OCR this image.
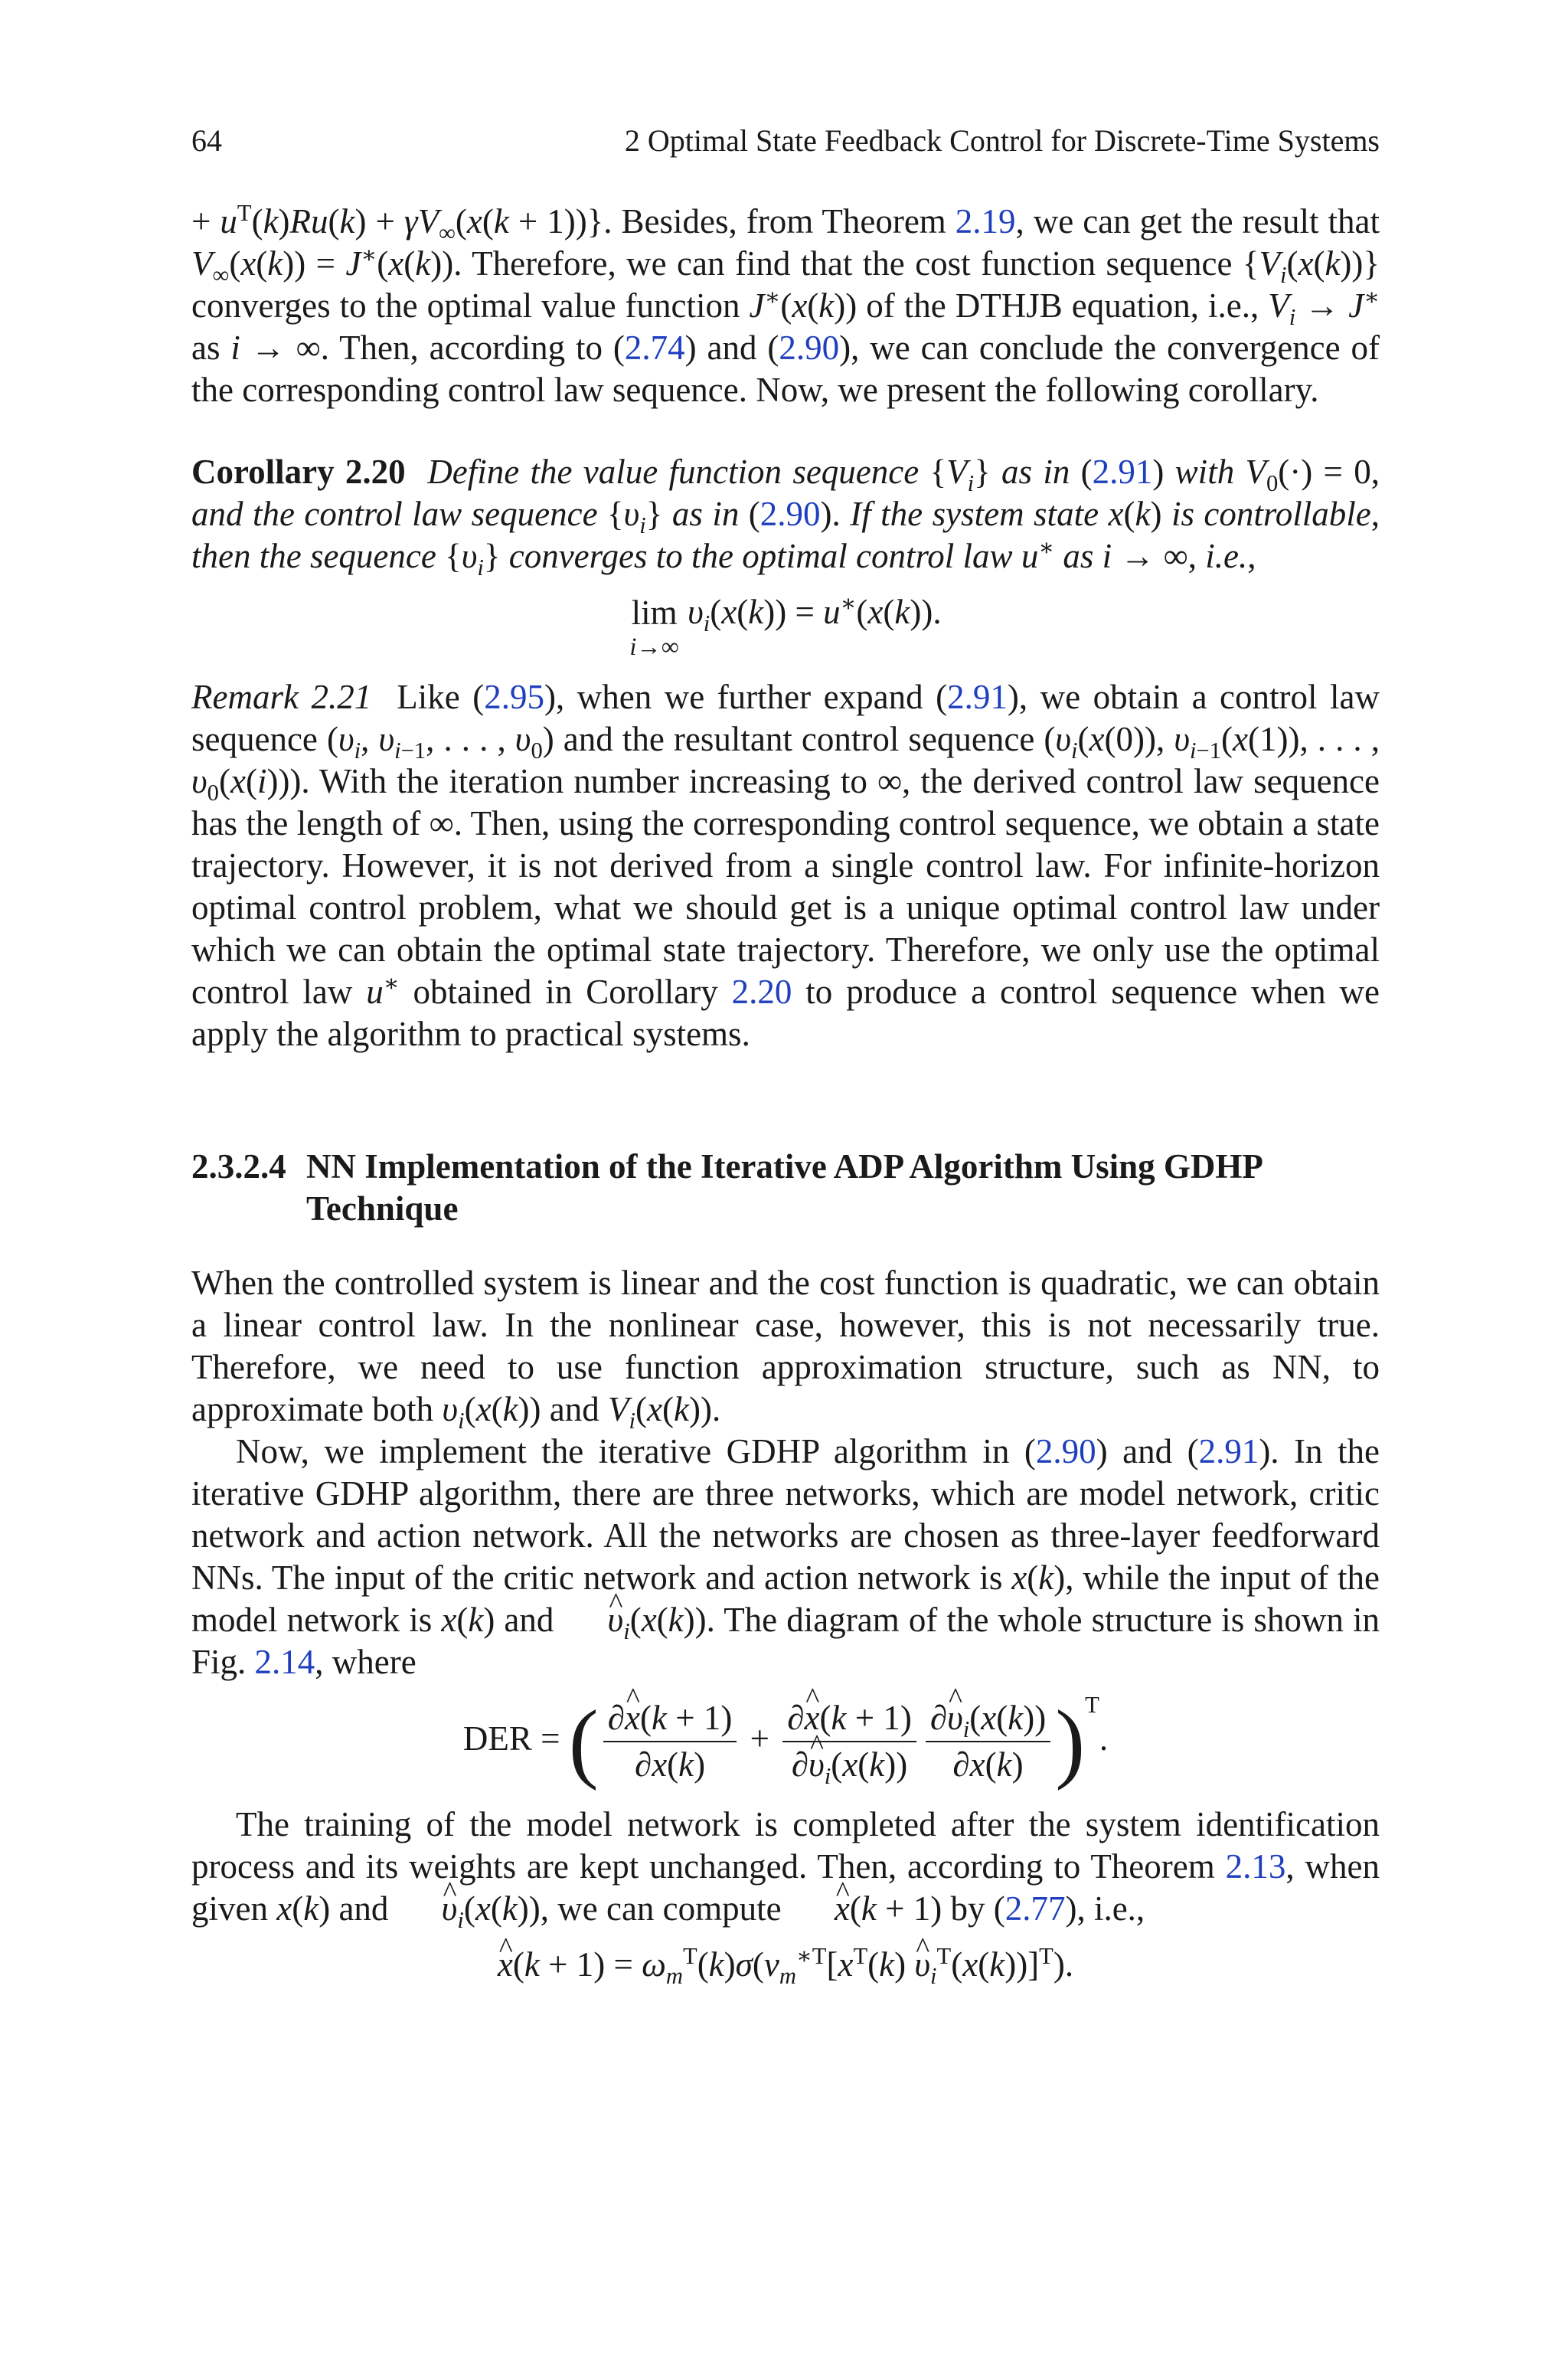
64	2 Optimal State Feedback Control for Discrete-Time Systems

+ $u^T(k)Ru(k) + \gamma V_\infty(x(k + 1))$}. Besides, from Theorem 2.19, we can get the result that $V_\infty(x(k)) = J^∗(x(k))$. Therefore, we can find that the cost function sequence $\{V_i(x(k))\}$ converges to the optimal value function J∗(x(k)) of the DTHJB equation, i.e., $V_i \to J^∗$ as i → ∞. Then, according to (2.74) and (2.90), we can conclude the convergence of the corresponding control law sequence. Now, we present the following corollary.

Corollary 2.20 Define the value function sequence $\{V_i\}$ as in (2.91) with $V_0(\cdot) = 0$, and the control law sequence $\{\upsilon_i\}$ as in (2.90). If the system state x(k) is controllable, then the sequence $\{\upsilon_i\}$ converges to the optimal control law u∗ as i → ∞, i.e.,

lim
i→∞
$\upsilon_i(x(k)) = u^∗(x(k))$.

Remark 2.21  Like (2.95), when we further expand (2.91), we obtain a control law sequence ($\upsilon_i$, $\upsilon_{i-1}$, . . . , $\upsilon_0$) and the resultant control sequence ($\upsilon_i(x(0))$, $\upsilon_{i-1}(x(1))$, . . . , $\upsilon_0(x(i))$). With the iteration number increasing to ∞, the derived control law sequence has the length of ∞. Then, using the corresponding control sequence, we obtain a state trajectory. However, it is not derived from a single control law. For infinite-horizon optimal control problem, what we should get is a unique optimal control law under which we can obtain the optimal state trajectory. Therefore, we only use the optimal control law u∗ obtained in Corollary 2.20 to produce a control sequence when we apply the algorithm to practical systems.

2.3.2.4 NN Implementation of the Iterative ADP Algorithm Using GDHP Technique

When the controlled system is linear and the cost function is quadratic, we can obtain a linear control law. In the nonlinear case, however, this is not necessarily true. Therefore, we need to use function approximation structure, such as NN, to approximate both $\upsilon_i(x(k))$ and $V_i(x(k))$.

Now, we implement the iterative GDHP algorithm in (2.90) and (2.91). In the iterative GDHP algorithm, there are three networks, which are model network, critic network and action network. All the networks are chosen as three-layer feedforward NNs. The input of the critic network and action network is x(k), while the input of the model network is x(k) and ^ $\upsilon_i(x(k))$. The diagram of the whole structure is shown in Fig. 2.14, where

DER = ( $\frac{\partial\^{} x(k + 1)}{\partial x(k)} + \frac{\partial\^{} x(k + 1)}{\partial\^{} \upsilon_i(x(k))} \frac{\partial\^{} \upsilon_i(x(k))}{\partial x(k)} )^T$.

The training of the model network is completed after the system identification process and its weights are kept unchanged. Then, according to Theorem 2.13, when given x(k) and ^ $\upsilon_i(x(k))$, we can compute ^ x(k + 1) by (2.77), i.e.,

^ $x(k + 1) = \omega_m^T(k)\sigma(\nu_m^{∗T}[x^T(k)$ ^ $\upsilon_i^T(x(k))]^T$).
